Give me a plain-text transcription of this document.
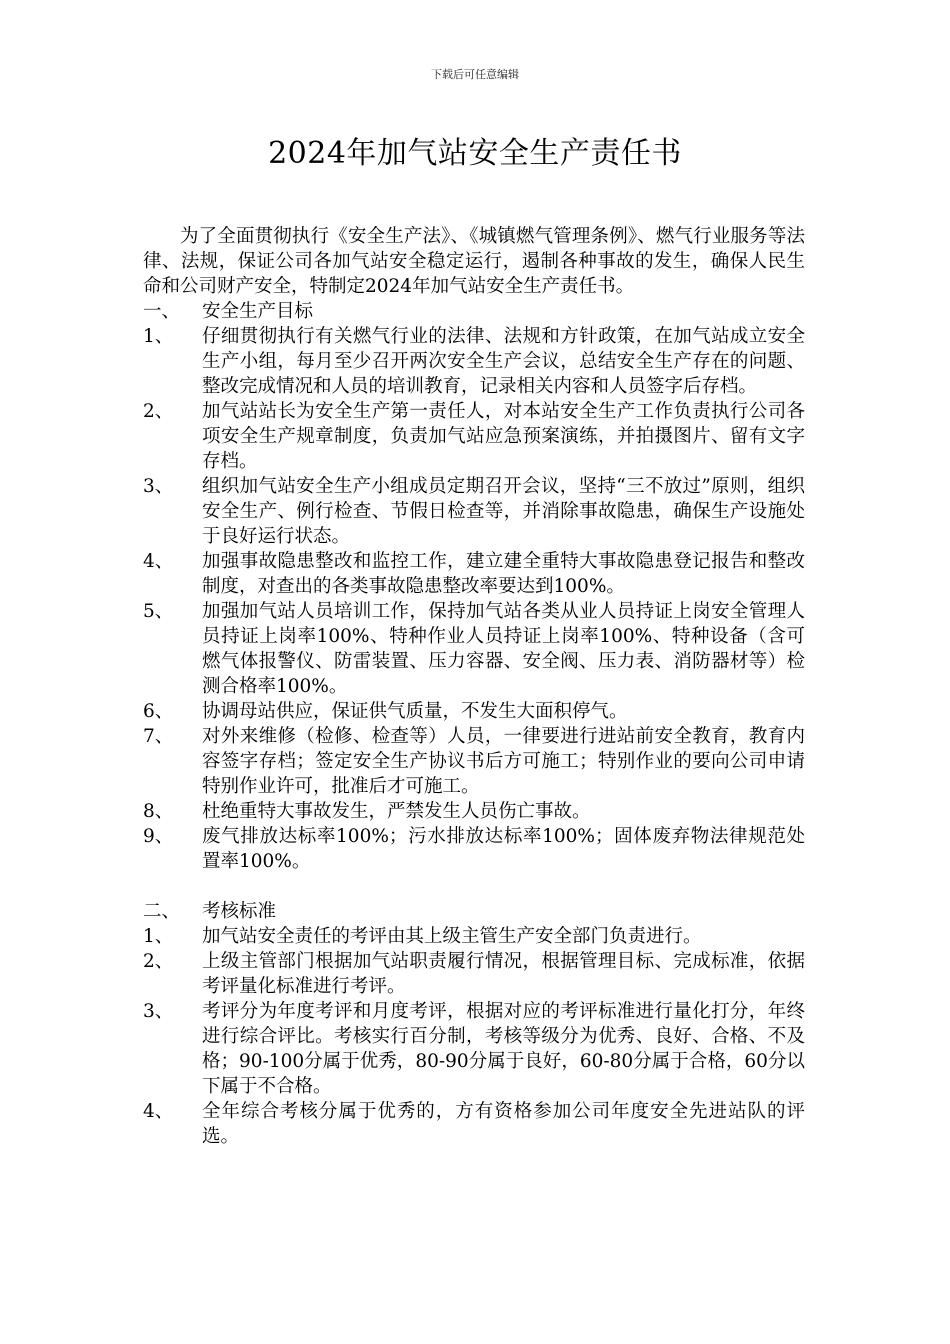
下载后可任意编辑
2024年加气站安全生产责任书

为了全面贯彻执行《安全生产法》、《城镇燃气管理条例》、燃气行业服务等法律、法规，保证公司各加气站安全稳定运行，遏制各种事故的发生，确保人民生命和公司财产安全，特制定2024年加气站安全生产责任书。

一、	安全生产目标
1、	仔细贯彻执行有关燃气行业的法律、法规和方针政策，在加气站成立安全生产小组，每月至少召开两次安全生产会议，总结安全生产存在的问题、整改完成情况和人员的培训教育，记录相关内容和人员签字后存档。
2、	加气站站长为安全生产第一责任人，对本站安全生产工作负责执行公司各项安全生产规章制度，负责加气站应急预案演练，并拍摄图片、留有文字存档。
3、	组织加气站安全生产小组成员定期召开会议，坚持“三不放过”原则，组织安全生产、例行检查、节假日检查等，并消除事故隐患，确保生产设施处于良好运行状态。
4、	加强事故隐患整改和监控工作，建立建全重特大事故隐患登记报告和整改制度，对查出的各类事故隐患整改率要达到100%。
5、	加强加气站人员培训工作，保持加气站各类从业人员持证上岗安全管理人员持证上岗率100%、特种作业人员持证上岗率100%、特种设备（含可燃气体报警仪、防雷装置、压力容器、安全阀、压力表、消防器材等）检测合格率100%。
6、	协调母站供应，保证供气质量，不发生大面积停气。
7、	对外来维修（检修、检查等）人员，一律要进行进站前安全教育，教育内容签字存档；签定安全生产协议书后方可施工；特别作业的要向公司申请特别作业许可，批准后才可施工。
8、	杜绝重特大事故发生，严禁发生人员伤亡事故。
9、	废气排放达标率100%；污水排放达标率100%；固体废弃物法律规范处置率100%。
二、	考核标准
1、	加气站安全责任的考评由其上级主管生产安全部门负责进行。
2、	上级主管部门根据加气站职责履行情况，根据管理目标、完成标准，依据考评量化标准进行考评。
3、	考评分为年度考评和月度考评，根据对应的考评标准进行量化打分，年终进行综合评比。考核实行百分制，考核等级分为优秀、良好、合格、不及格；90-100分属于优秀，80-90分属于良好，60-80分属于合格，60分以下属于不合格。
4、	全年综合考核分属于优秀的，方有资格参加公司年度安全先进站队的评选。
